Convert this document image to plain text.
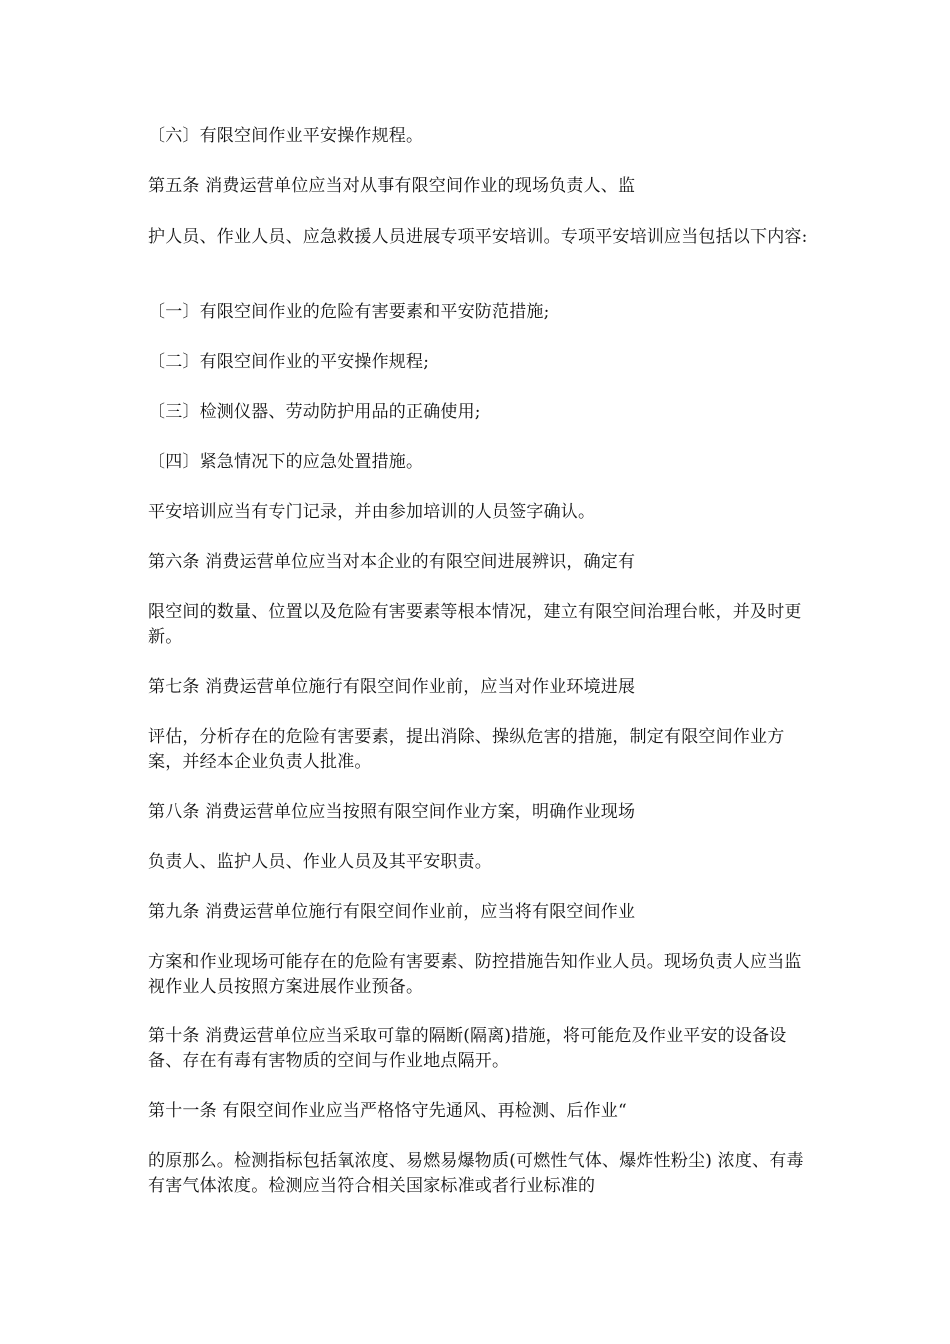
〔六〕有限空间作业平安操作规程。

第五条 消费运营单位应当对从事有限空间作业的现场负责人、监

护人员、作业人员、应急救援人员进展专项平安培训。专项平安培训应当包括以下内容:

〔一〕有限空间作业的危险有害要素和平安防范措施;

〔二〕有限空间作业的平安操作规程;

〔三〕检测仪器、劳动防护用品的正确使用;

〔四〕紧急情况下的应急处置措施。

平安培训应当有专门记录，并由参加培训的人员签字确认。

第六条 消费运营单位应当对本企业的有限空间进展辨识，确定有

限空间的数量、位置以及危险有害要素等根本情况，建立有限空间治理台帐，并及时更新。

第七条 消费运营单位施行有限空间作业前，应当对作业环境进展

评估，分析存在的危险有害要素，提出消除、操纵危害的措施，制定有限空间作业方案，并经本企业负责人批准。

第八条 消费运营单位应当按照有限空间作业方案，明确作业现场

负责人、监护人员、作业人员及其平安职责。

第九条 消费运营单位施行有限空间作业前，应当将有限空间作业

方案和作业现场可能存在的危险有害要素、防控措施告知作业人员。现场负责人应当监视作业人员按照方案进展作业预备。

第十条 消费运营单位应当采取可靠的隔断(隔离)措施，将可能危及作业平安的设备设备、存在有毒有害物质的空间与作业地点隔开。

第十一条 有限空间作业应当严格恪守先通风、再检测、后作业“

的原那么。检测指标包括氧浓度、易燃易爆物质(可燃性气体、爆炸性粉尘) 浓度、有毒有害气体浓度。检测应当符合相关国家标准或者行业标准的
